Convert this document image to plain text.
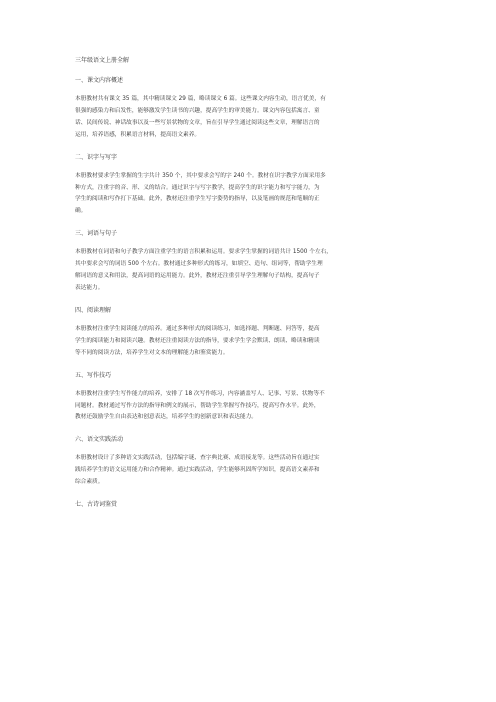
三年级语文上册全解
一、课文内容概述
本册教材共有课文 35 篇，其中精读课文 29 篇，略读课文 6 篇。这些课文内容生动，语言优美，有
很强的感染力和启发性，能够激发学生读书的兴趣，提高学生的审美能力。课文内容包括寓言、童
话、民间传说、神话故事以及一些写景状物的文章，旨在引导学生通过阅读这些文章，理解语言的
运用，培养语感，积累语言材料，提高语文素养。
二、识字与写字
本册教材要求学生掌握的生字共计 350 个，其中要求会写的字 240 个。教材在识字教学方面采用多
种方式，注重字的音、形、义的结合。通过识字与写字教学，提高学生的识字能力和写字能力，为
学生的阅读和写作打下基础。此外，教材还注重学生写字姿势的指导，以及笔画的规范和笔顺的正
确。
三、词语与句子
本册教材在词语和句子教学方面注重学生的语言积累和运用。要求学生掌握的词语共计 1500 个左右，
其中要求会写的词语 500 个左右。教材通过多种形式的练习，如填空、造句、组词等，帮助学生理
解词语的意义和用法，提高词语的运用能力。此外，教材还注重引导学生理解句子结构，提高句子
表达能力。
四、阅读理解
本册教材注重学生阅读能力的培养。通过多种形式的阅读练习，如选择题、判断题、问答等，提高
学生的阅读能力和阅读兴趣。教材还注重阅读方法的指导，要求学生学会默读、朗读、略读和精读
等不同的阅读方法，培养学生对文本的理解能力和鉴赏能力。
五、写作技巧
本册教材注重学生写作能力的培养，安排了 18 次写作练习，内容涵盖写人、记事、写景、状物等不
同题材。教材通过写作方法的指导和例文的展示，帮助学生掌握写作技巧，提高写作水平。此外，
教材还鼓励学生自由表达和创意表达，培养学生的创新意识和表达能力。
六、语文实践活动
本册教材设计了多种语文实践活动，包括编字谜、查字典比赛、成语接龙等。这些活动旨在通过实
践培养学生的语文运用能力和合作精神。通过实践活动，学生能够巩固所学知识，提高语文素养和
综合素质。
七、古诗词鉴赏
